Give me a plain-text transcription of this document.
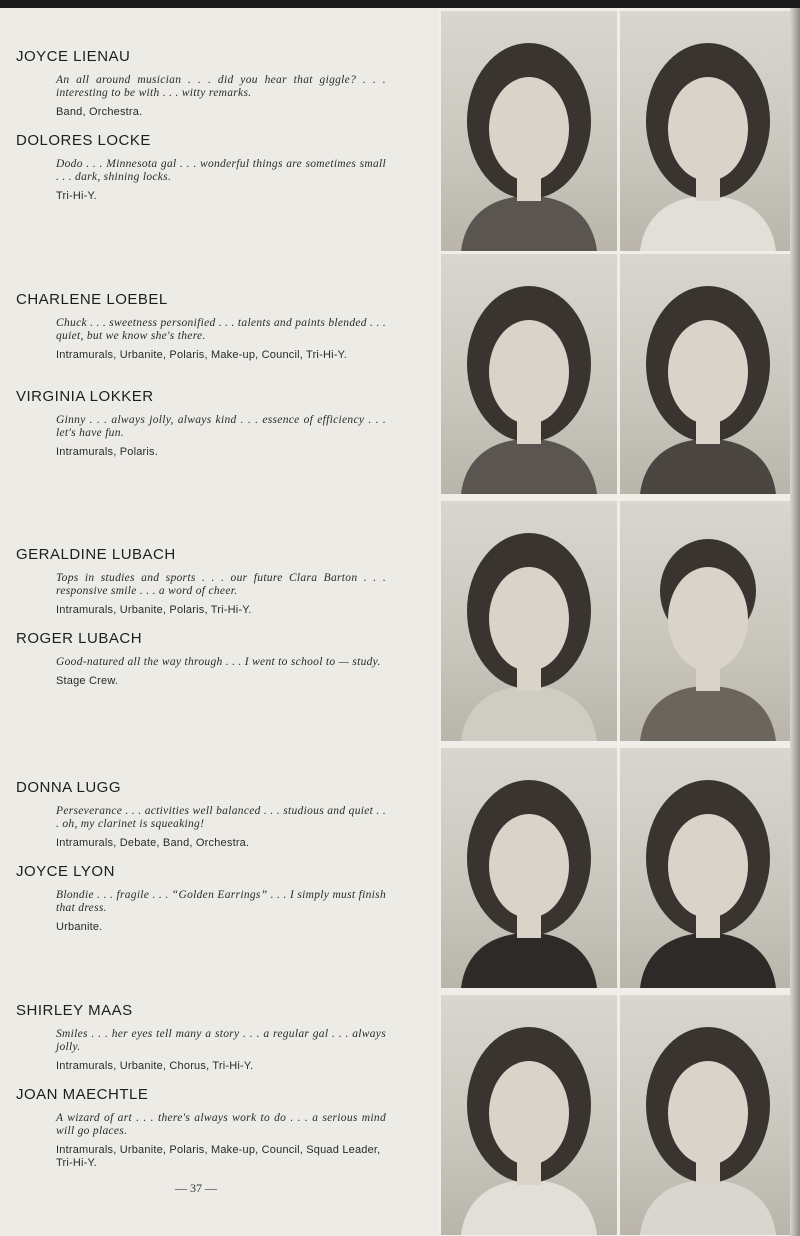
JOYCE LIENAU

An all around musician . . . did you hear that giggle? . . . interesting to be with . . . witty remarks.

Band, Orchestra.

DOLORES LOCKE

Dodo . . . Minnesota gal . . . wonderful things are sometimes small . . . dark, shining locks.

Tri-Hi-Y.

CHARLENE LOEBEL

Chuck . . . sweetness personified . . . talents and paints blended . . . quiet, but we know she's there.

Intramurals, Urbanite, Polaris, Make-up, Council, Tri-Hi-Y.

VIRGINIA LOKKER

Ginny . . . always jolly, always kind . . . essence of efficiency . . . let's have fun.

Intramurals, Polaris.

GERALDINE LUBACH

Tops in studies and sports . . . our future Clara Barton . . . responsive smile . . . a word of cheer.

Intramurals, Urbanite, Polaris, Tri-Hi-Y.

ROGER LUBACH

Good-natured all the way through . . . I went to school to — study.

Stage Crew.

DONNA LUGG

Perseverance . . . activities well balanced . . . studious and quiet . . . oh, my clarinet is squeaking!

Intramurals, Debate, Band, Orchestra.

JOYCE LYON

Blondie . . . fragile . . . “Golden Earrings” . . . I simply must finish that dress.

Urbanite.

SHIRLEY MAAS

Smiles . . . her eyes tell many a story . . . a regular gal . . . always jolly.

Intramurals, Urbanite, Chorus, Tri-Hi-Y.

JOAN MAECHTLE

A wizard of art . . . there's always work to do . . . a serious mind will go places.

Intramurals, Urbanite, Polaris, Make-up, Council, Squad Leader, Tri-Hi-Y.

— 37 —
